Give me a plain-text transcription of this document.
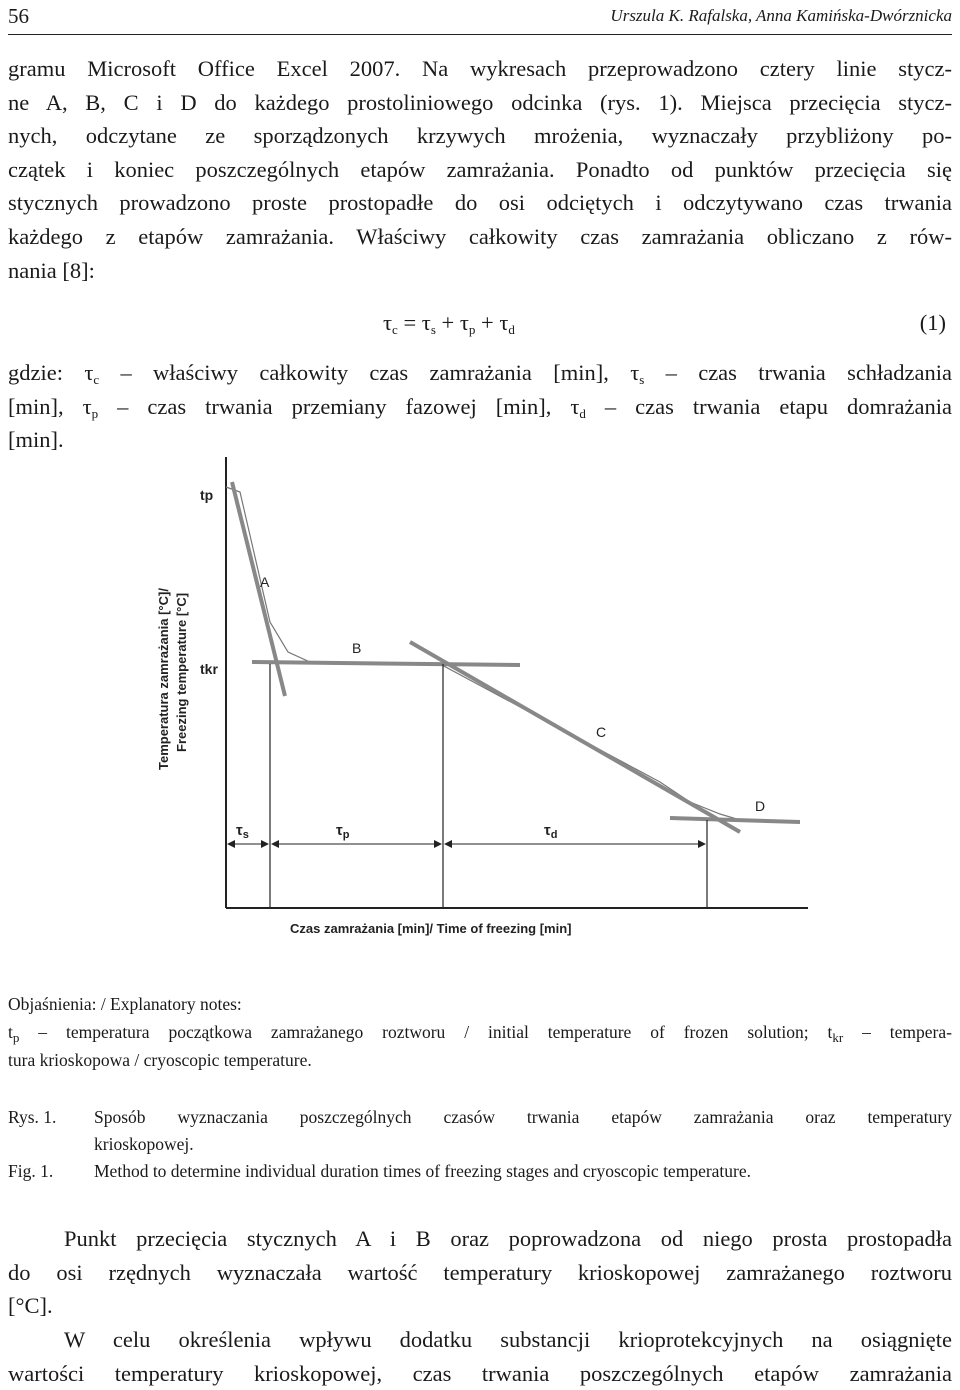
56	Urszula K. Rafalska, Anna Kamińska-Dwórznicka
gramu Microsoft Office Excel 2007. Na wykresach przeprowadzono cztery linie stycz-
ne A, B, C i D do każdego prostoliniowego odcinka (rys. 1). Miejsca przecięcia stycz-
nych, odczytane ze sporządzonych krzywych mrożenia, wyznaczały przybliżony po-
czątek i koniec poszczególnych etapów zamrażania. Ponadto od punktów przecięcia się
stycznych prowadzono proste prostopadłe do osi odciętych i odczytywano czas trwania
każdego z etapów zamrażania. Właściwy całkowity czas zamrażania obliczano z rów-
nania [8]:
$\tau_c = \tau_s + \tau_p + \tau_d$	(1)
gdzie: $\tau_c$ – właściwy całkowity czas zamrażania [min], $\tau_s$ – czas trwania schładzania
[min], $\tau_p$ – czas trwania przemiany fazowej [min], $\tau_d$ – czas trwania etapu domrażania
[min].
Temperatura zamrażania [°C]/ Freezing temperature [°C]
tp
tkr
A
B
C
D
$\tau_s$	$\tau_p$	$\tau_d$
Czas zamrażania [min]/ Time of freezing [min]
Objaśnienia: / Explanatory notes:
$t_p$ – temperatura początkowa zamrażanego roztworu / initial temperature of frozen solution; $t_{kr}$ – tempera-
tura krioskopowa / cryoscopic temperature.
Rys. 1. Sposób wyznaczania poszczególnych czasów trwania etapów zamrażania oraz temperatury
krioskopowej.
Fig. 1. Method to determine individual duration times of freezing stages and cryoscopic temperature.
Punkt przecięcia stycznych A i B oraz poprowadzona od niego prosta prostopadła
do osi rzędnych wyznaczała wartość temperatury krioskopowej zamrażanego roztworu
[°C].
W celu określenia wpływu dodatku substancji krioprotekcyjnych na osiągnięte
wartości temperatury krioskopowej, czas trwania poszczególnych etapów zamrażania
